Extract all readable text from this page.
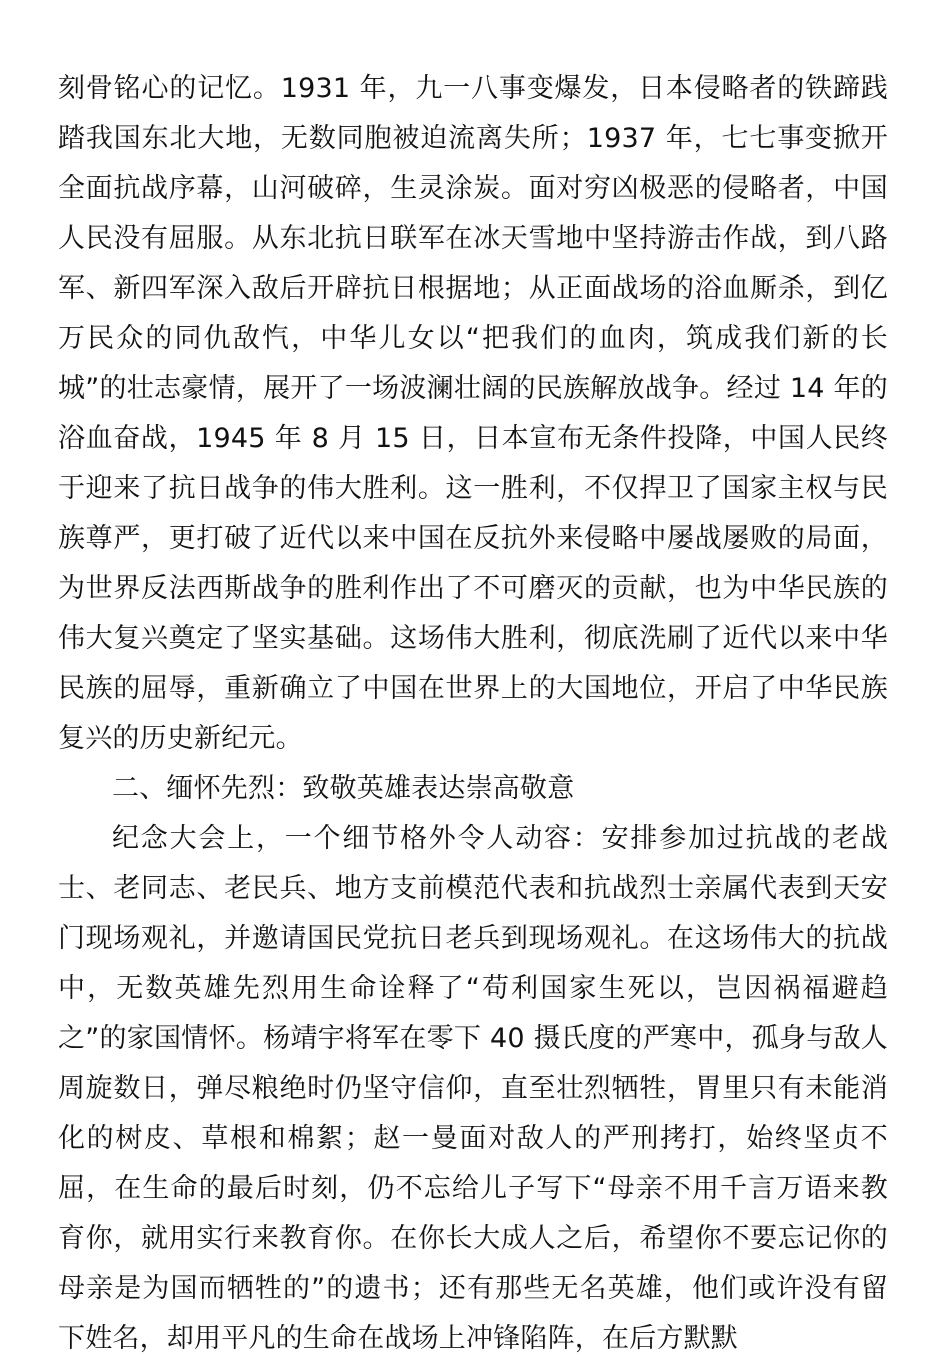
刻骨铭心的记忆。1931 年，九一八事变爆发，日本侵略者的铁蹄践踏我国东北大地，无数同胞被迫流离失所；1937 年，七七事变掀开全面抗战序幕，山河破碎，生灵涂炭。面对穷凶极恶的侵略者，中国人民没有屈服。从东北抗日联军在冰天雪地中坚持游击作战，到八路军、新四军深入敌后开辟抗日根据地；从正面战场的浴血厮杀，到亿万民众的同仇敌忾，中华儿女以“把我们的血肉，筑成我们新的长城”的壮志豪情，展开了一场波澜壮阔的民族解放战争。经过 14 年的浴血奋战，1945 年 8 月 15 日，日本宣布无条件投降，中国人民终于迎来了抗日战争的伟大胜利。这一胜利，不仅捍卫了国家主权与民族尊严，更打破了近代以来中国在反抗外来侵略中屡战屡败的局面，为世界反法西斯战争的胜利作出了不可磨灭的贡献，也为中华民族的伟大复兴奠定了坚实基础。这场伟大胜利，彻底洗刷了近代以来中华民族的屈辱，重新确立了中国在世界上的大国地位，开启了中华民族复兴的历史新纪元。

二、缅怀先烈：致敬英雄表达崇高敬意

纪念大会上，一个细节格外令人动容：安排参加过抗战的老战士、老同志、老民兵、地方支前模范代表和抗战烈士亲属代表到天安门现场观礼，并邀请国民党抗日老兵到现场观礼。在这场伟大的抗战中，无数英雄先烈用生命诠释了“苟利国家生死以，岂因祸福避趋之”的家国情怀。杨靖宇将军在零下 40 摄氏度的严寒中，孤身与敌人周旋数日，弹尽粮绝时仍坚守信仰，直至壮烈牺牲，胃里只有未能消化的树皮、草根和棉絮；赵一曼面对敌人的严刑拷打，始终坚贞不屈，在生命的最后时刻，仍不忘给儿子写下“母亲不用千言万语来教育你，就用实行来教育你。在你长大成人之后，希望你不要忘记你的母亲是为国而牺牲的”的遗书；还有那些无名英雄，他们或许没有留下姓名，却用平凡的生命在战场上冲锋陷阵，在后方默默
